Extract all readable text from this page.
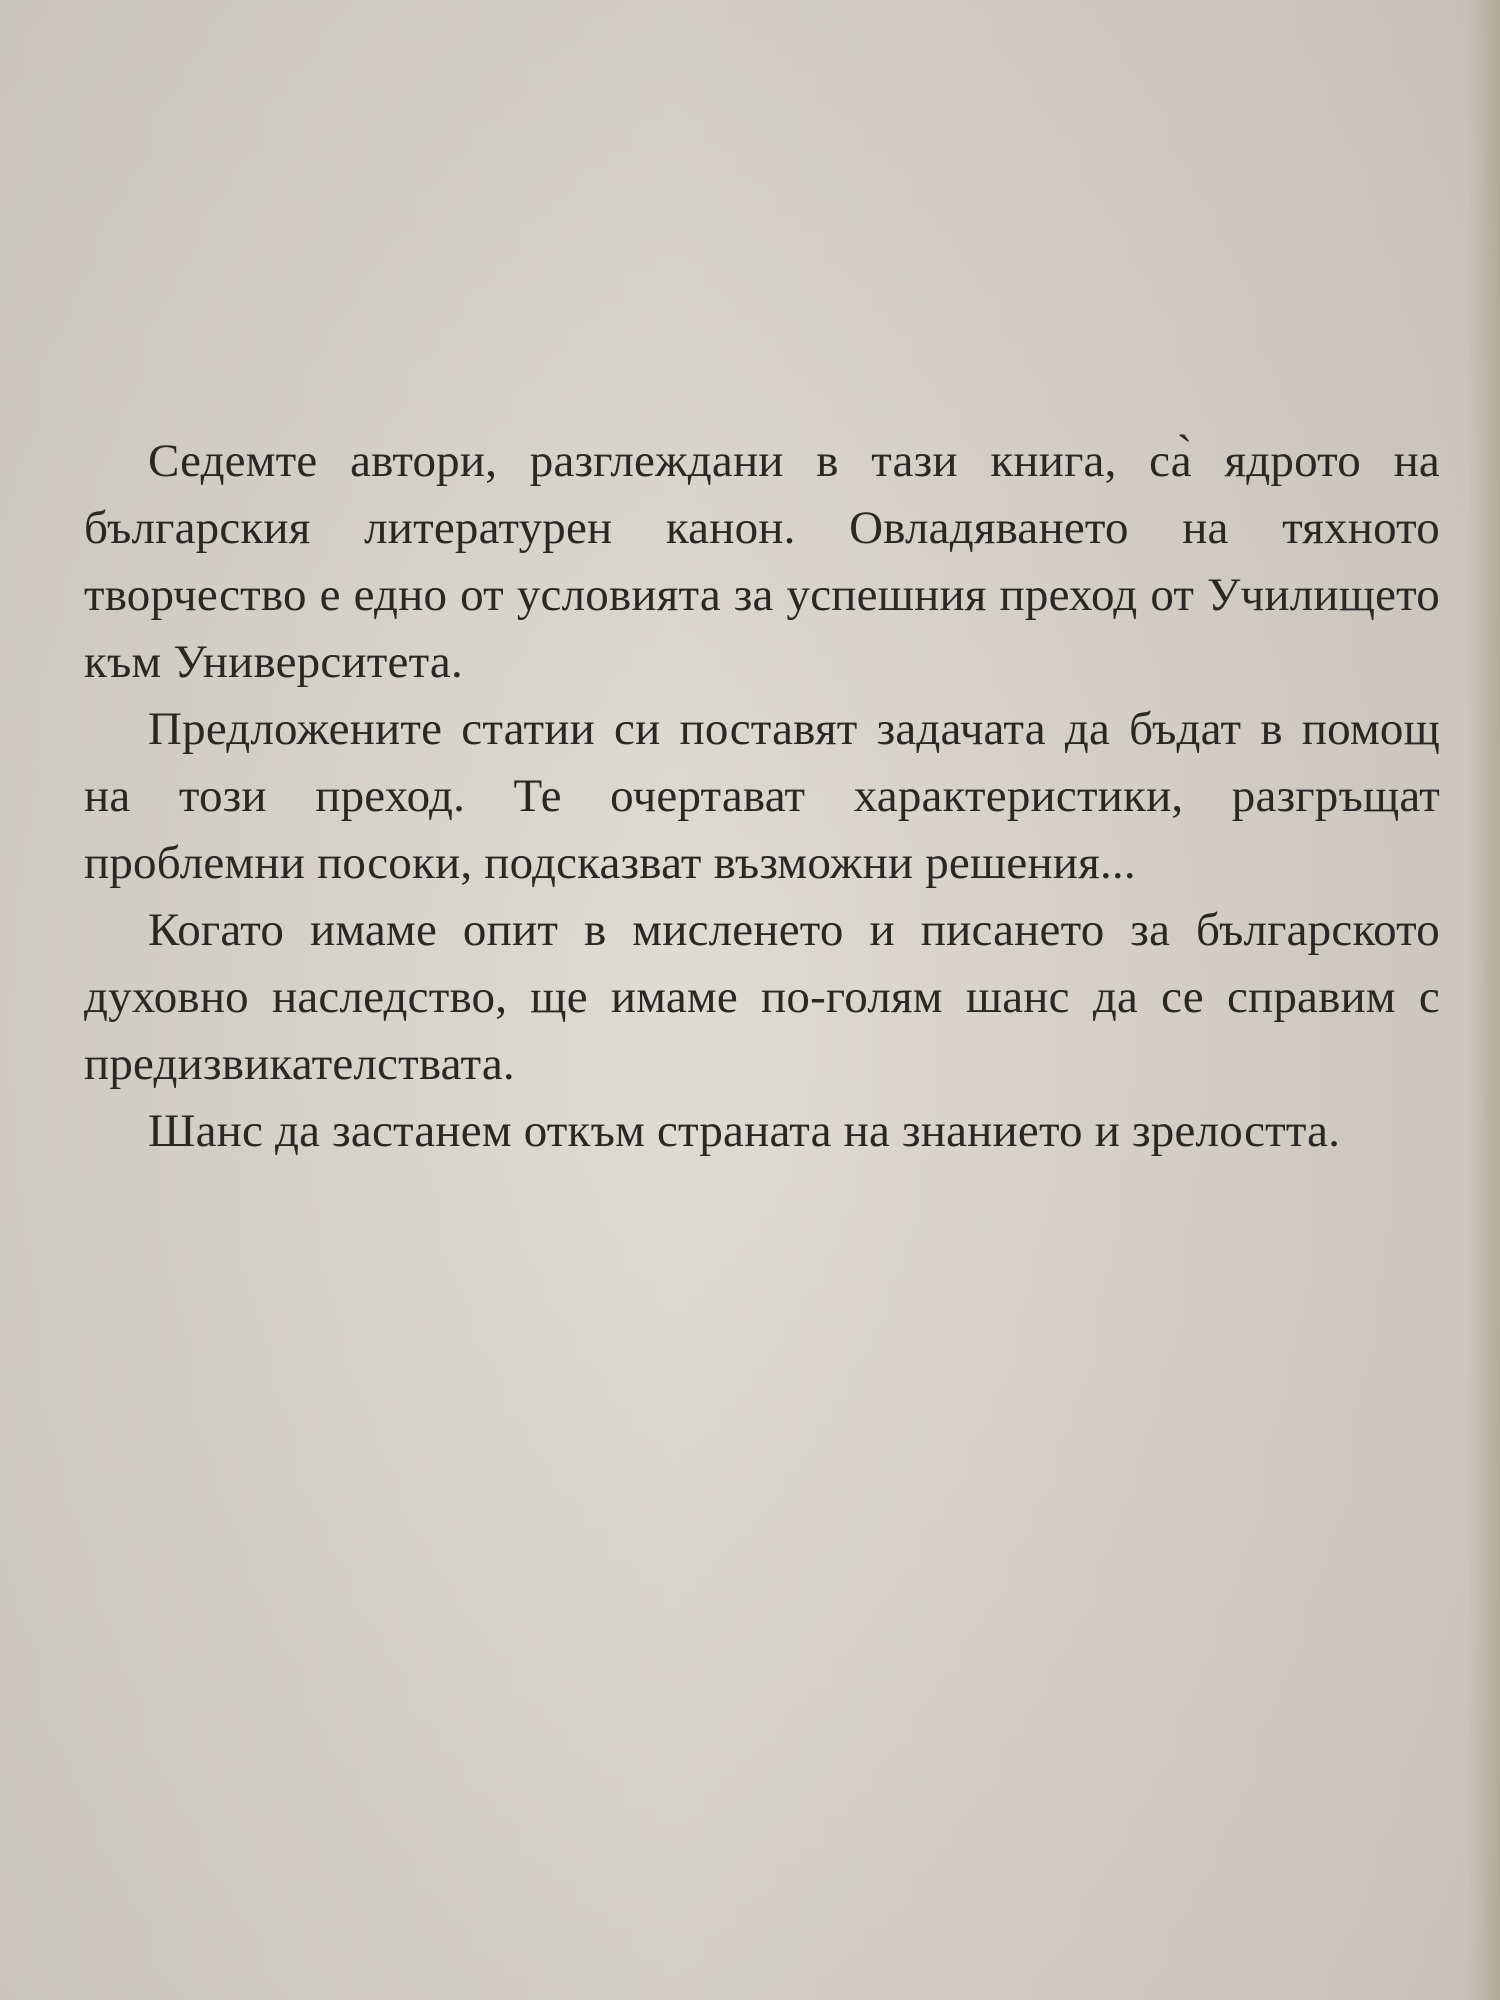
Седемте автори, разглеждани в тази книга, са̀ ядрото на българския литературен канон. Овладяването на тяхното творчество е едно от условията за успешния преход от Училището към Университета.

Предложените статии си поставят задачата да бъдат в помощ на този преход. Те очертават характеристики, разгръщат проблемни посоки, подсказват възможни решения...

Когато имаме опит в мисленето и писането за българското духовно наследство, ще имаме по-голям шанс да се справим с предизвикателствата.

Шанс да застанем откъм страната на знанието и зрелостта.
